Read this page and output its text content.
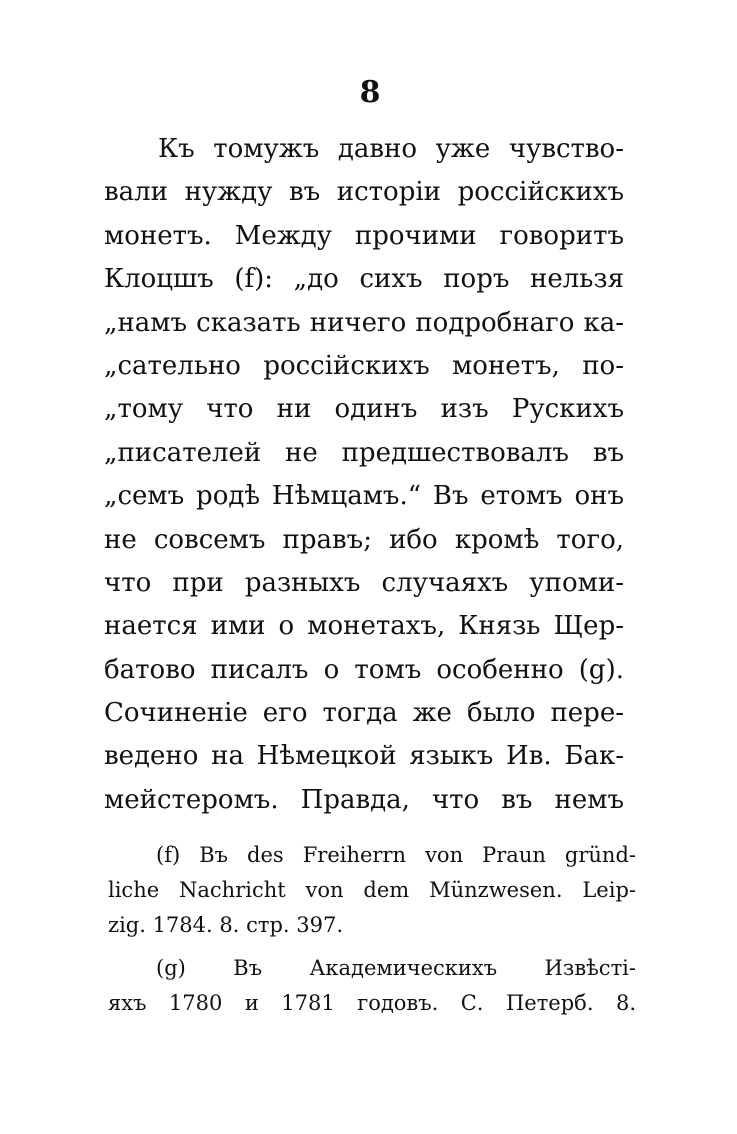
8
Къ томужъ давно уже чувство-
вали нужду въ исторіи россійскихъ
монетъ. Между прочими говоритъ
Клоцшъ (f): „до сихъ поръ нельзя
„намъ сказать ничего подробнаго ка-
„сательно россійскихъ монетъ, по-
„тому что ни одинъ изъ Рускихъ
„писателей не предшествовалъ въ
„семъ родѣ Нѣмцамъ.“ Въ етомъ онъ
не совсемъ правъ; ибо кромѣ того,
что при разныхъ случаяхъ упоми-
нается ими о монетахъ, Князь Щер-
батово писалъ о томъ особенно (g).
Сочиненіе его тогда же было пере-
ведено на Нѣмецкой языкъ Ив. Бак-
мейстеромъ. Правда, что въ немъ
(f) Въ des Freiherrn von Praun gründ-
liche Nachricht von dem Münzwesen. Leip-
zig. 1784. 8. стр. 397.
(g) Въ Академическихъ Извѣсті-
яхъ 1780 и 1781 годовъ. С. Петерб. 8.
